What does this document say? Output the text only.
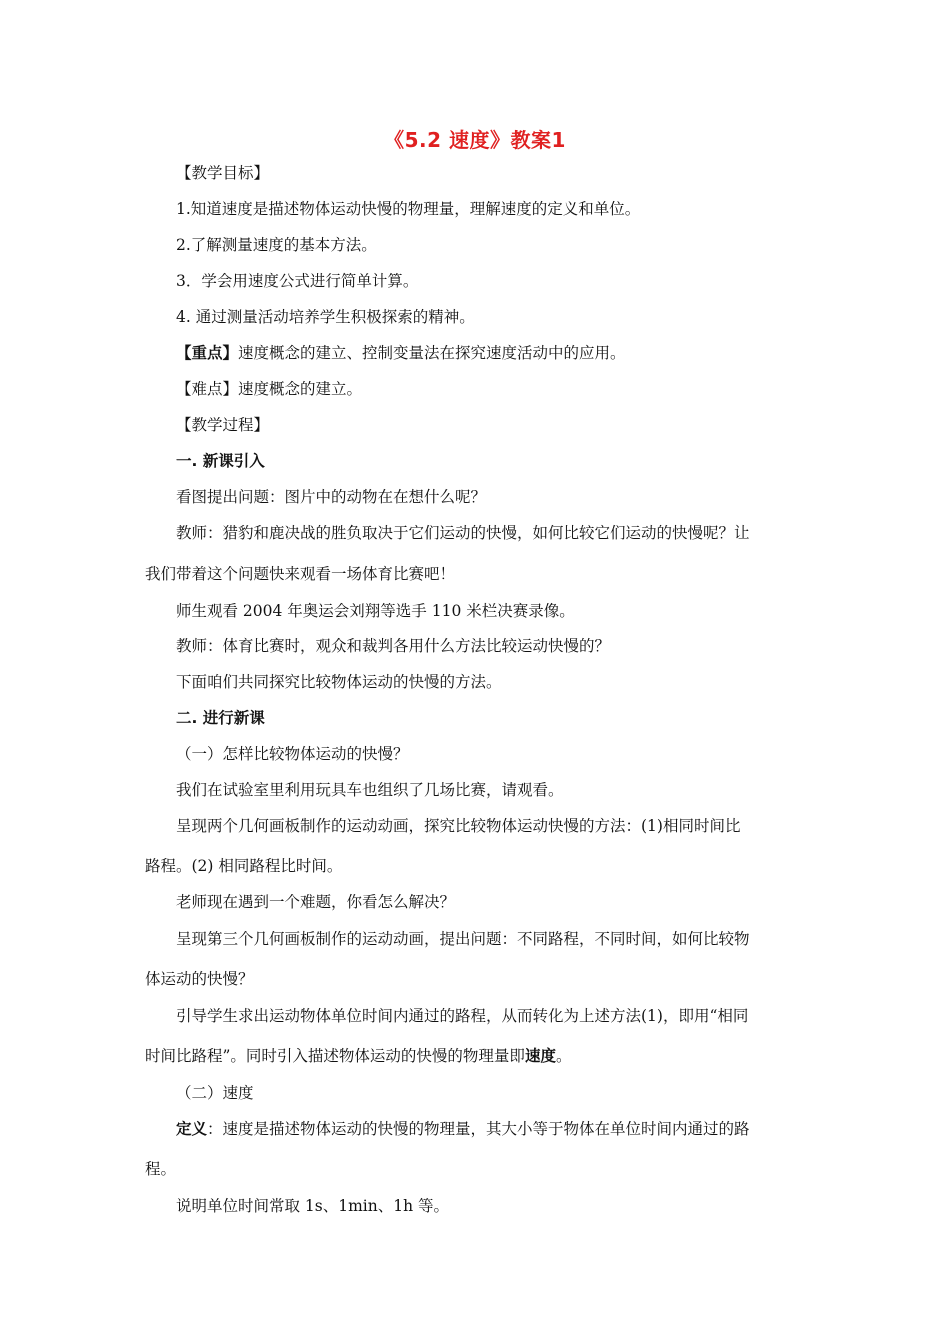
《5.2 速度》教案1
【教学目标】
1.知道速度是描述物体运动快慢的物理量，理解速度的定义和单位。
2.了解测量速度的基本方法。
3．学会用速度公式进行简单计算。
4. 通过测量活动培养学生积极探索的精神。
【重点】速度概念的建立、控制变量法在探究速度活动中的应用。
【难点】速度概念的建立。
【教学过程】
一. 新课引入
看图提出问题：图片中的动物在在想什么呢？
教师：猎豹和鹿决战的胜负取决于它们运动的快慢，如何比较它们运动的快慢呢？让
我们带着这个问题快来观看一场体育比赛吧！
师生观看 2004 年奥运会刘翔等选手 110 米栏决赛录像。
教师：体育比赛时，观众和裁判各用什么方法比较运动快慢的？
下面咱们共同探究比较物体运动的快慢的方法。
二. 进行新课
（一）怎样比较物体运动的快慢？
我们在试验室里利用玩具车也组织了几场比赛，请观看。
呈现两个几何画板制作的运动动画，探究比较物体运动快慢的方法：(1)相同时间比
路程。(2) 相同路程比时间。
老师现在遇到一个难题，你看怎么解决？
呈现第三个几何画板制作的运动动画，提出问题：不同路程，不同时间，如何比较物
体运动的快慢？
引导学生求出运动物体单位时间内通过的路程，从而转化为上述方法(1)，即用“相同
时间比路程”。同时引入描述物体运动的快慢的物理量即速度。
（二）速度
定义：速度是描述物体运动的快慢的物理量，其大小等于物体在单位时间内通过的路
程。
说明单位时间常取 1s、1min、1h 等。
